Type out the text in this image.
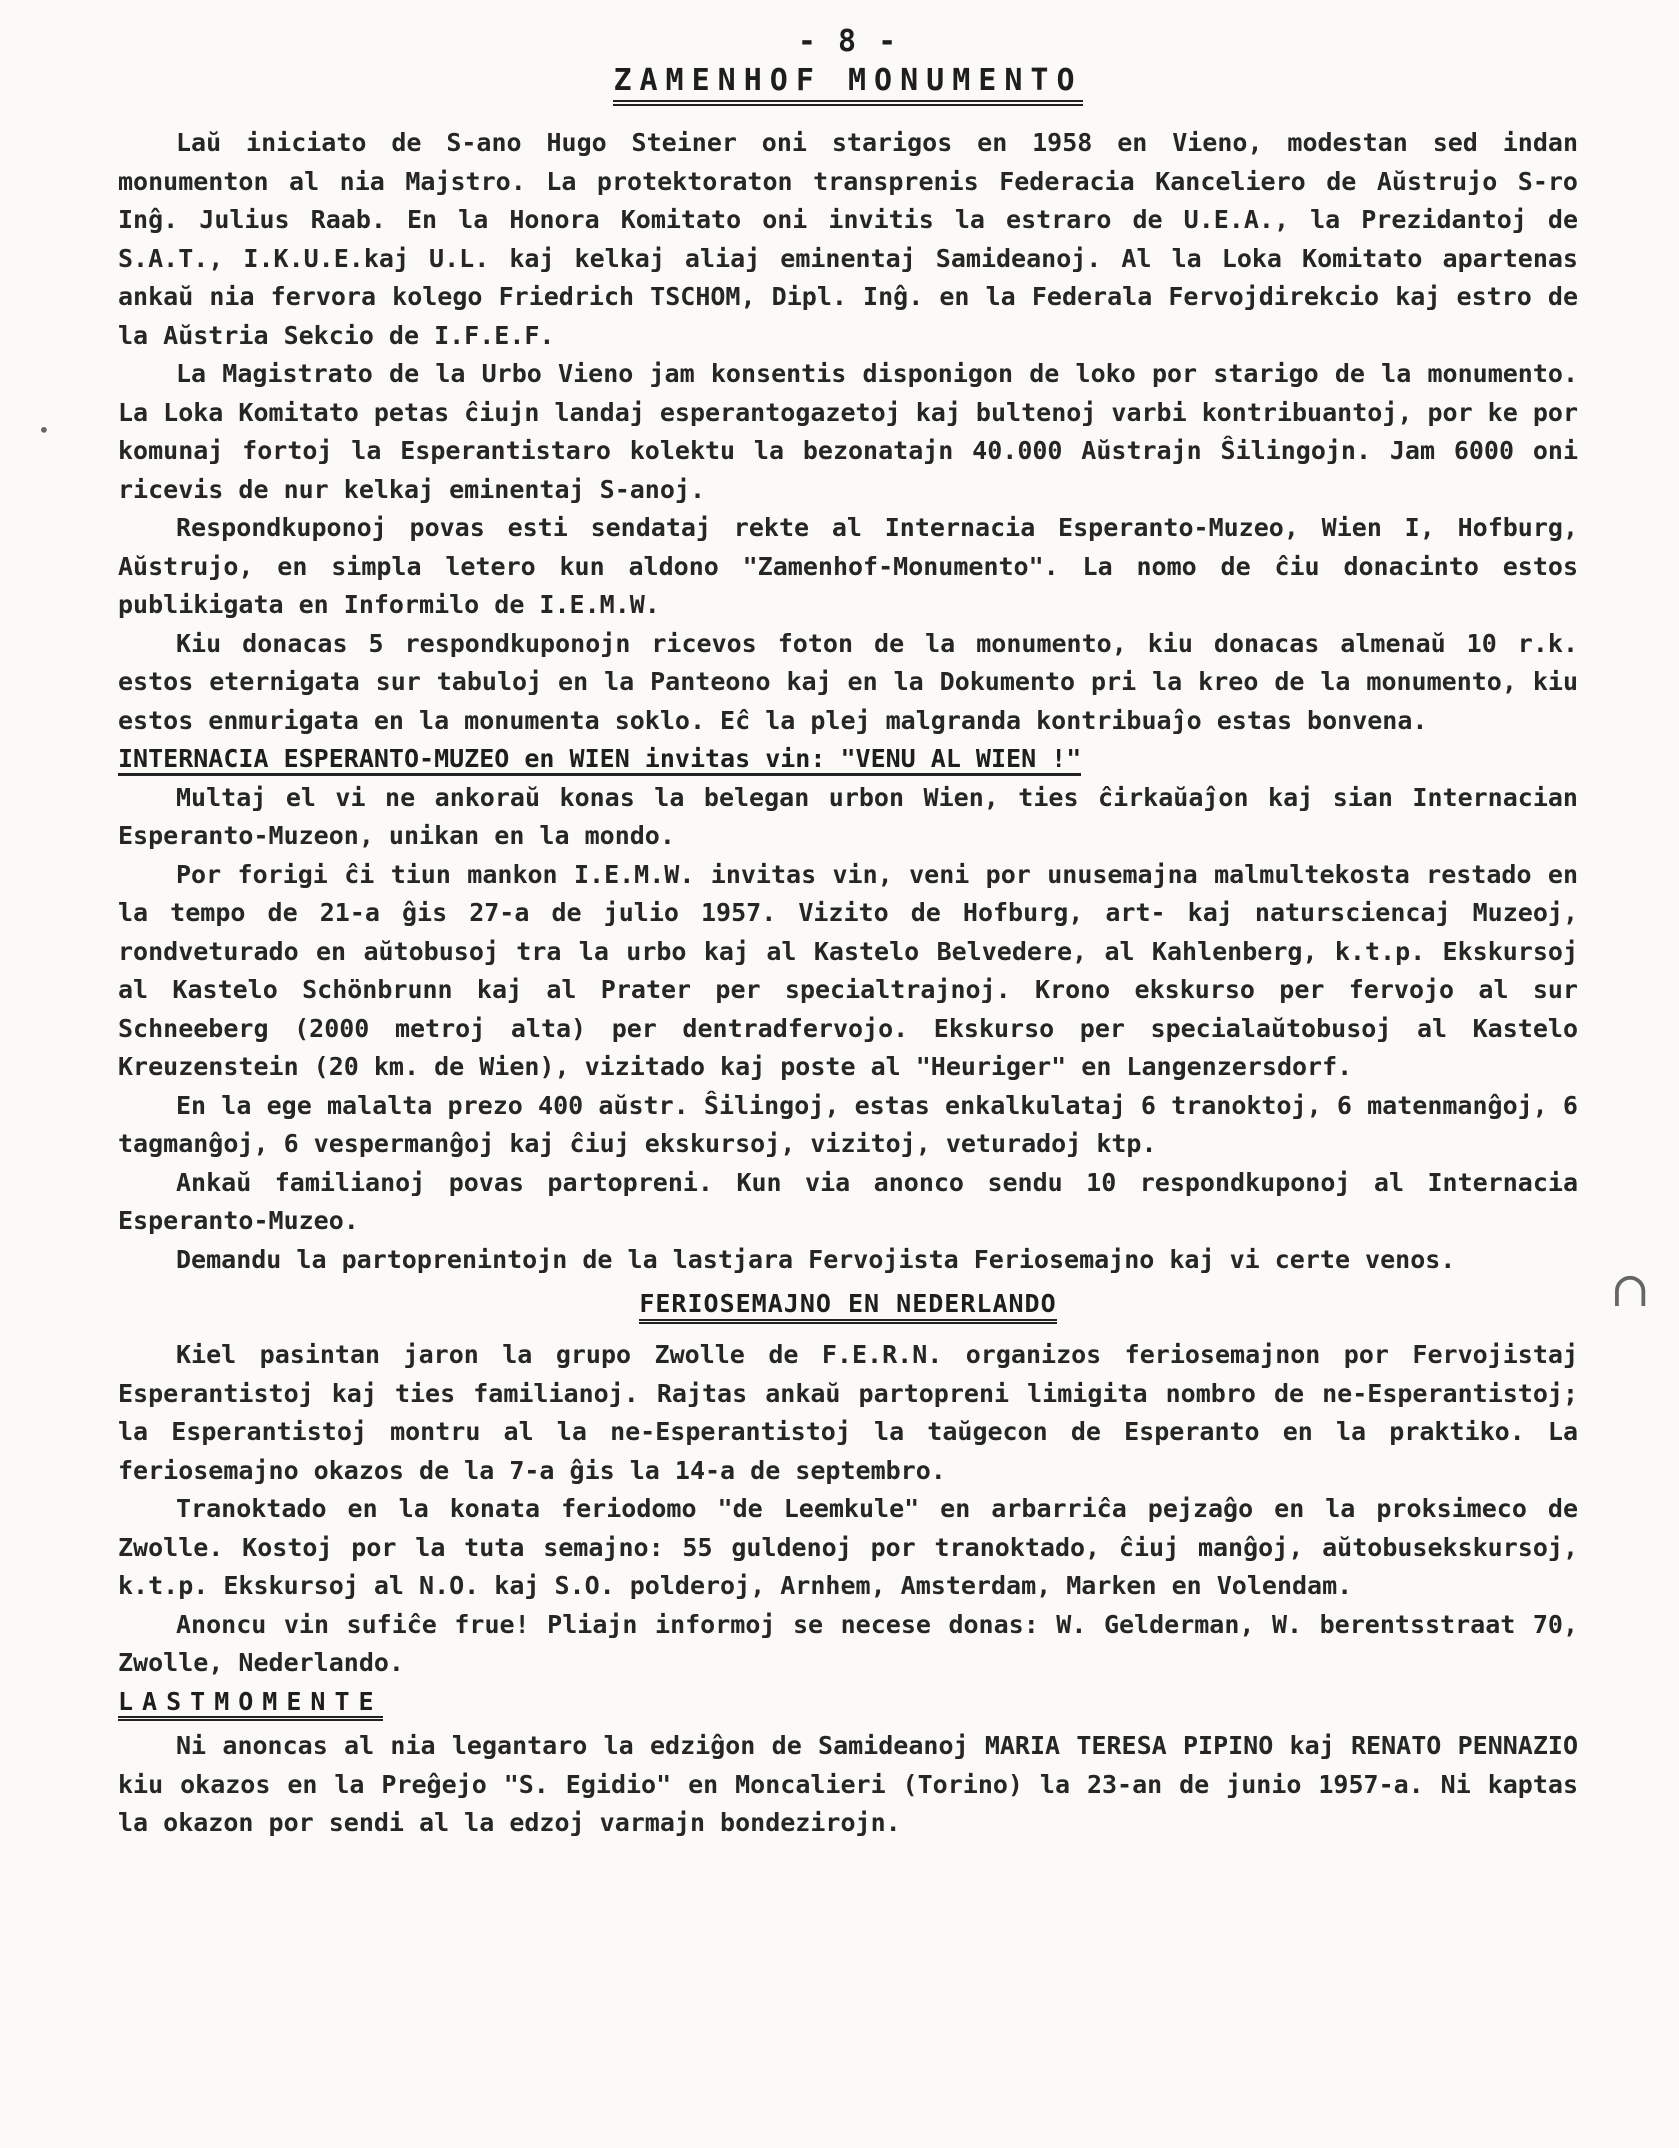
- 8 -
ZAMENHOF MONUMENTO

Laŭ iniciato de S-ano Hugo Steiner oni starigos en 1958 en Vieno, modestan sed indan monumenton al nia Majstro. La protektoraton transprenis Federacia Kanceliero de Aŭstrujo S-ro Inĝ. Julius Raab. En la Honora Komitato oni invitis la estraro de U.E.A., la Prezidantoj de S.A.T., I.K.U.E.kaj U.L. kaj kelkaj aliaj eminentaj Samideanoj. Al la Loka Komitato apartenas ankaŭ nia fervora kolego Friedrich TSCHOM, Dipl. Inĝ. en la Federala Fervojdirekcio kaj estro de la Aŭstria Sekcio de I.F.E.F.

La Magistrato de la Urbo Vieno jam konsentis disponigon de loko por starigo de la monumento. La Loka Komitato petas ĉiujn landaj esperantogazetoj kaj bultenoj varbi kontribuantoj, por ke por komunaj fortoj la Esperantistaro kolektu la bezonatajn 40.000 Aŭstrajn Ŝilingojn. Jam 6000 oni ricevis de nur kelkaj eminentaj S-anoj.

Respondkuponoj povas esti sendataj rekte al Internacia Esperanto-Muzeo, Wien I, Hofburg, Aŭstrujo, en simpla letero kun aldono "Zamenhof-Monumento". La nomo de ĉiu donacinto estos publikigata en Informilo de I.E.M.W.

Kiu donacas 5 respondkuponojn ricevos foton de la monumento, kiu donacas almenaŭ 10 r.k. estos eternigata sur tabuloj en la Panteono kaj en la Dokumento pri la kreo de la monumento, kiu estos enmurigata en la monumenta soklo. Eĉ la plej malgranda kontribuaĵo estas bonvena.

INTERNACIA ESPERANTO-MUZEO en WIEN invitas vin: "VENU AL WIEN !"

Multaj el vi ne ankoraŭ konas la belegan urbon Wien, ties ĉirkaŭaĵon kaj sian Internacian Esperanto-Muzeon, unikan en la mondo.

Por forigi ĉi tiun mankon I.E.M.W. invitas vin, veni por unusemajna malmultekosta restado en la tempo de 21-a ĝis 27-a de julio 1957. Vizito de Hofburg, art- kaj natursciencaj Muzeoj, rondveturado en aŭtobusoj tra la urbo kaj al Kastelo Belvedere, al Kahlenberg, k.t.p. Ekskursoj al Kastelo Schönbrunn kaj al Prater per specialtrajnoj. Krono ekskurso per fervojo al sur Schneeberg (2000 metroj alta) per dentradfervojo. Ekskurso per specialaŭtobusoj al Kastelo Kreuzenstein (20 km. de Wien), vizitado kaj poste al "Heuriger" en Langenzersdorf.

En la ege malalta prezo 400 aŭstr. Ŝilingoj, estas enkalkulataj 6 tranoktoj, 6 matenmanĝoj, 6 tagmanĝoj, 6 vespermanĝoj kaj ĉiuj ekskursoj, vizitoj, veturadoj ktp.

Ankaŭ familianoj povas partopreni. Kun via anonco sendu 10 respondkuponoj al Internacia Esperanto-Muzeo.

Demandu la partoprenintojn de la lastjara Fervojista Feriosemajno kaj vi certe venos.

FERIOSEMAJNO EN NEDERLANDO

Kiel pasintan jaron la grupo Zwolle de F.E.R.N. organizos feriosemajnon por Fervojistaj Esperantistoj kaj ties familianoj. Rajtas ankaŭ partopreni limigita nombro de ne-Esperantistoj; la Esperantistoj montru al la ne-Esperantistoj la taŭgecon de Esperanto en la praktiko. La feriosemajno okazos de la 7-a ĝis la 14-a de septembro.

Tranoktado en la konata feriodomo "de Leemkule" en arbarriĉa pejzaĝo en la proksimeco de Zwolle. Kostoj por la tuta semajno: 55 guldenoj por tranoktado, ĉiuj manĝoj, aŭtobusekskursoj, k.t.p. Ekskursoj al N.O. kaj S.O. polderoj, Arnhem, Amsterdam, Marken en Volendam.

Anoncu vin sufiĉe frue! Pliajn informoj se necese donas: W. Gelderman, W. berentsstraat 70, Zwolle, Nederlando.

LASTMOMENTE

Ni anoncas al nia legantaro la edziĝon de Samideanoj MARIA TERESA PIPINO kaj RENATO PENNAZIO kiu okazos en la Preĝejo "S. Egidio" en Moncalieri (Torino) la 23-an de junio 1957-a. Ni kaptas la okazon por sendi al la edzoj varmajn bondezirojn.

∩
•
